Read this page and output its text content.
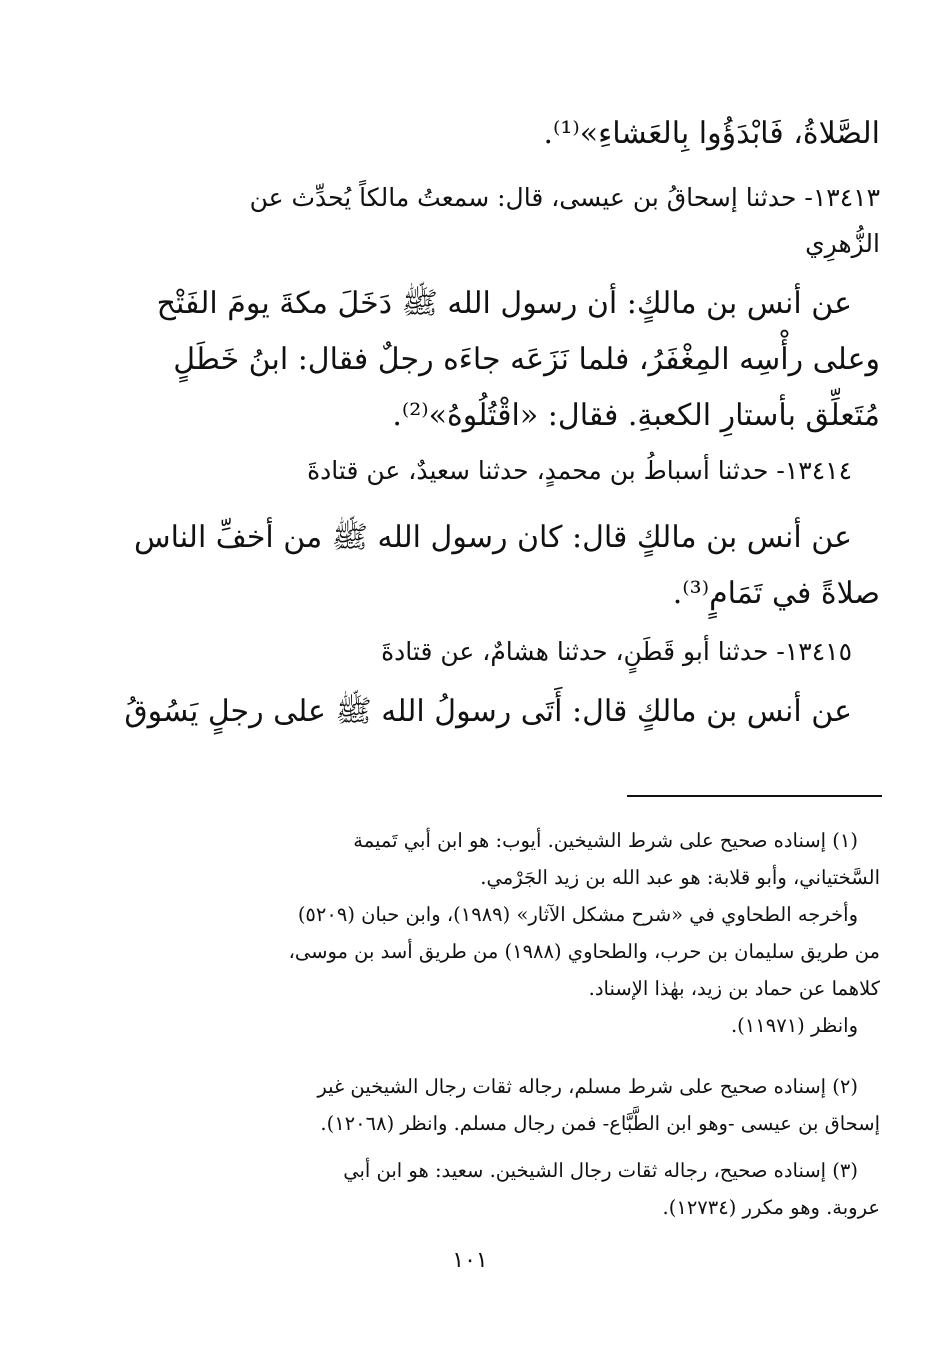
الصَّلاةُ، فَابْدَؤُوا بِالعَشاءِ»⁽¹⁾.
١٣٤١٣- حدثنا إسحاقُ بن عيسى، قال: سمعتُ مالكاً يُحدِّث عن
الزُّهرِي
عن أنس بن مالكٍ: أن رسول الله ﷺ دَخَلَ مكةَ يومَ الفَتْح
وعلى رأْسِه المِغْفَرُ، فلما نَزَعَه جاءَه رجلٌ فقال: ابنُ خَطَلٍ
مُتَعلِّق بأستارِ الكعبةِ. فقال: «اقْتُلُوهُ»⁽²⁾.
١٣٤١٤- حدثنا أسباطُ بن محمدٍ، حدثنا سعيدٌ، عن قتادةَ
عن أنس بن مالكٍ قال: كان رسول الله ﷺ من أخفِّ الناس
صلاةً في تَمَامٍ⁽³⁾.
١٣٤١٥- حدثنا أبو قَطَنٍ، حدثنا هشامٌ، عن قتادةَ
عن أنس بن مالكٍ قال: أَتَى رسولُ الله ﷺ على رجلٍ يَسُوقُ
(١) إسناده صحيح على شرط الشيخين. أيوب: هو ابن أبي تَميمة
السَّختياني، وأبو قلابة: هو عبد الله بن زيد الجَرْمي.
وأخرجه الطحاوي في «شرح مشكل الآثار» (١٩٨٩)، وابن حبان (٥٢٠٩)
من طريق سليمان بن حرب، والطحاوي (١٩٨٨) من طريق أسد بن موسى،
كلاهما عن حماد بن زيد، بهٰذا الإسناد.
وانظر (١١٩٧١).
(٢) إسناده صحيح على شرط مسلم، رجاله ثقات رجال الشيخين غير
إسحاق بن عيسى -وهو ابن الطَّبَّاع- فمن رجال مسلم. وانظر (١٢٠٦٨).
(٣) إسناده صحيح، رجاله ثقات رجال الشيخين. سعيد: هو ابن أبي
عروبة. وهو مكرر (١٢٧٣٤).
١٠١
